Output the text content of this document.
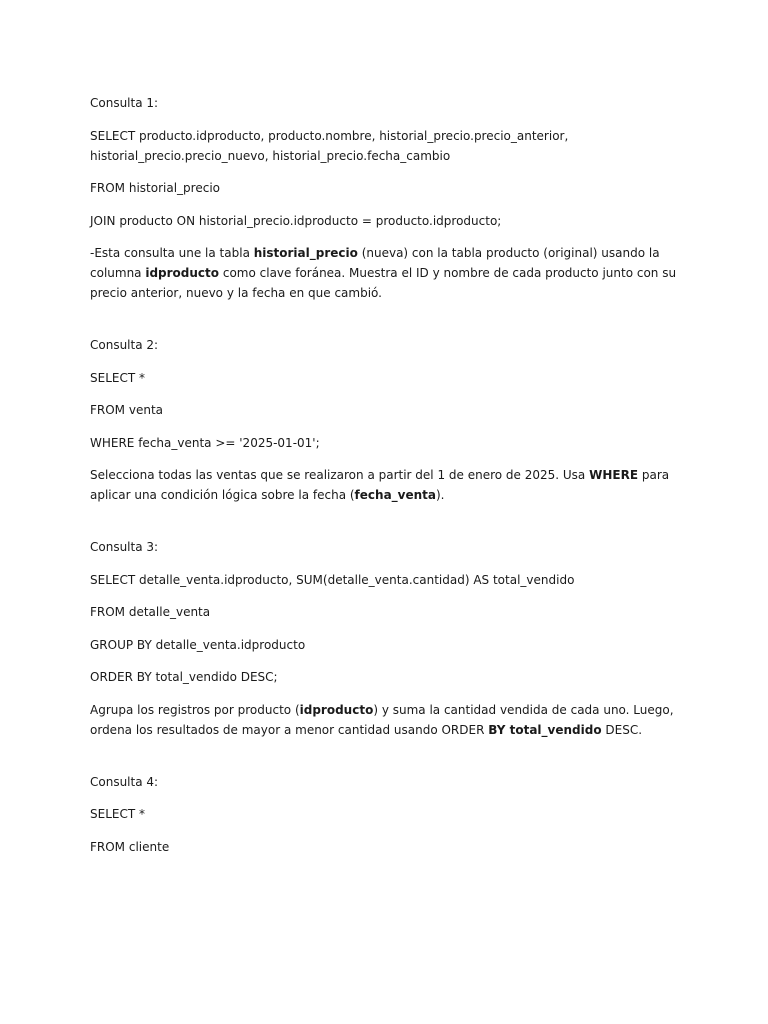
Consulta 1:

SELECT producto.idproducto, producto.nombre, historial_precio.precio_anterior, historial_precio.precio_nuevo, historial_precio.fecha_cambio

FROM historial_precio

JOIN producto ON historial_precio.idproducto = producto.idproducto;

-Esta consulta une la tabla historial_precio (nueva) con la tabla producto (original) usando la columna idproducto como clave foránea. Muestra el ID y nombre de cada producto junto con su precio anterior, nuevo y la fecha en que cambió.

Consulta 2:

SELECT *

FROM venta

WHERE fecha_venta >= '2025-01-01';

Selecciona todas las ventas que se realizaron a partir del 1 de enero de 2025. Usa WHERE para aplicar una condición lógica sobre la fecha (fecha_venta).

Consulta 3:

SELECT detalle_venta.idproducto, SUM(detalle_venta.cantidad) AS total_vendido

FROM detalle_venta

GROUP BY detalle_venta.idproducto

ORDER BY total_vendido DESC;

Agrupa los registros por producto (idproducto) y suma la cantidad vendida de cada uno. Luego, ordena los resultados de mayor a menor cantidad usando ORDER BY total_vendido DESC.

Consulta 4:

SELECT *

FROM cliente
